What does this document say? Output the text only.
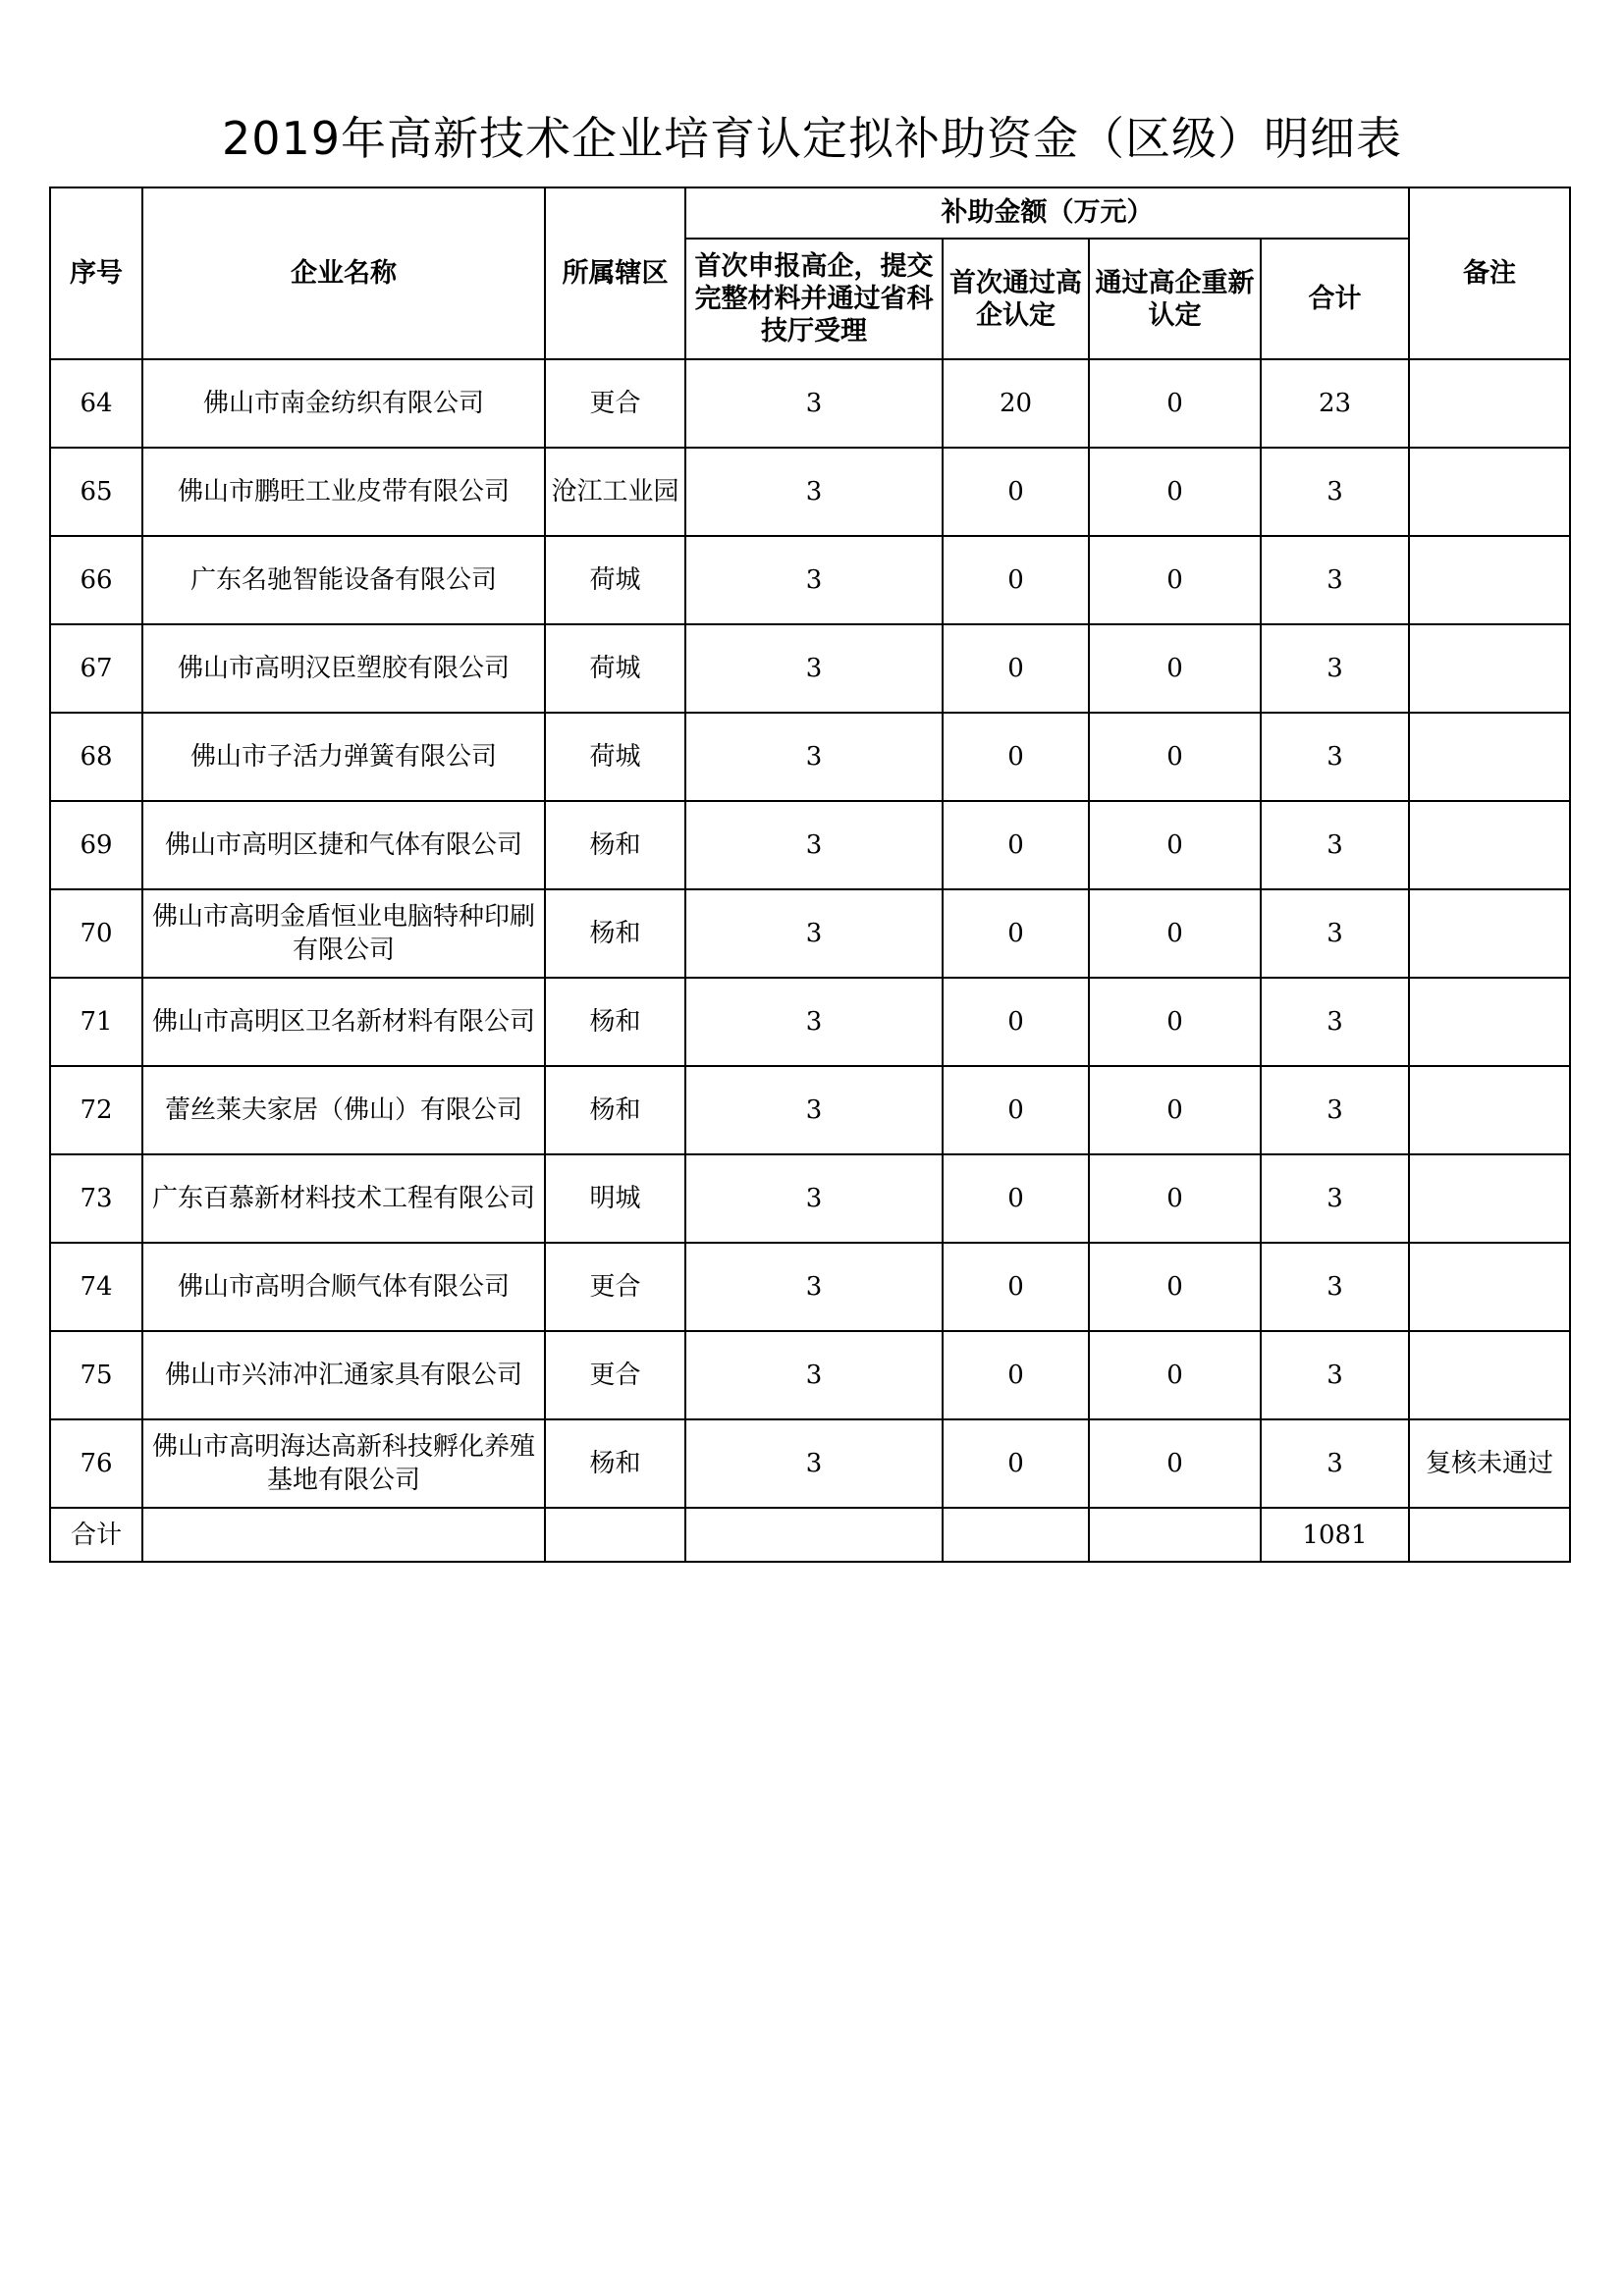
2019年高新技术企业培育认定拟补助资金（区级）明细表
序号	企业名称	所属辖区	补助金额（万元）				备注
			首次申报高企，提交完整材料并通过省科技厅受理	首次通过高企认定	通过高企重新认定	合计	
64	佛山市南金纺织有限公司	更合	3	20	0	23	
65	佛山市鹏旺工业皮带有限公司	沧江工业园	3	0	0	3	
66	广东名驰智能设备有限公司	荷城	3	0	0	3	
67	佛山市高明汉臣塑胶有限公司	荷城	3	0	0	3	
68	佛山市子活力弹簧有限公司	荷城	3	0	0	3	
69	佛山市高明区捷和气体有限公司	杨和	3	0	0	3	
70	佛山市高明金盾恒业电脑特种印刷有限公司	杨和	3	0	0	3	
71	佛山市高明区卫名新材料有限公司	杨和	3	0	0	3	
72	蕾丝莱夫家居（佛山）有限公司	杨和	3	0	0	3	
73	广东百慕新材料技术工程有限公司	明城	3	0	0	3	
74	佛山市高明合顺气体有限公司	更合	3	0	0	3	
75	佛山市兴沛冲汇通家具有限公司	更合	3	0	0	3	
76	佛山市高明海达高新科技孵化养殖基地有限公司	杨和	3	0	0	3	复核未通过
合计						1081	
